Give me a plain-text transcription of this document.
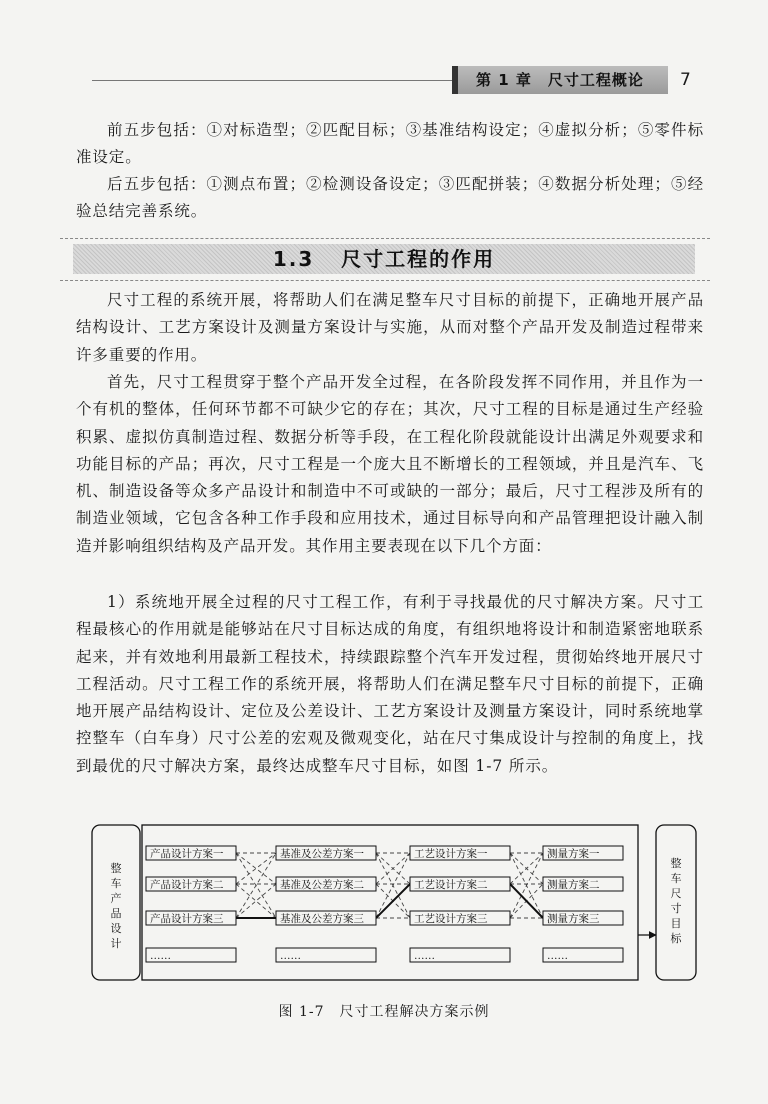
第 1 章　尺寸工程概论	7

前五步包括：①对标造型；②匹配目标；③基准结构设定；④虚拟分析；⑤零件标准设定。

后五步包括：①测点布置；②检测设备设定；③匹配拼装；④数据分析处理；⑤经验总结完善系统。

1.3 尺寸工程的作用

尺寸工程的系统开展，将帮助人们在满足整车尺寸目标的前提下，正确地开展产品结构设计、工艺方案设计及测量方案设计与实施，从而对整个产品开发及制造过程带来许多重要的作用。

首先，尺寸工程贯穿于整个产品开发全过程，在各阶段发挥不同作用，并且作为一个有机的整体，任何环节都不可缺少它的存在；其次，尺寸工程的目标是通过生产经验积累、虚拟仿真制造过程、数据分析等手段，在工程化阶段就能设计出满足外观要求和功能目标的产品；再次，尺寸工程是一个庞大且不断增长的工程领域，并且是汽车、飞机、制造设备等众多产品设计和制造中不可或缺的一部分；最后，尺寸工程涉及所有的制造业领域，它包含各种工作手段和应用技术，通过目标导向和产品管理把设计融入制造并影响组织结构及产品开发。其作用主要表现在以下几个方面：

1）系统地开展全过程的尺寸工程工作，有利于寻找最优的尺寸解决方案。尺寸工程最核心的作用就是能够站在尺寸目标达成的角度，有组织地将设计和制造紧密地联系起来，并有效地利用最新工程技术，持续跟踪整个汽车开发过程，贯彻始终地开展尺寸工程活动。尺寸工程工作的系统开展，将帮助人们在满足整车尺寸目标的前提下，正确地开展产品结构设计、定位及公差设计、工艺方案设计及测量方案设计，同时系统地掌控整车（白车身）尺寸公差的宏观及微观变化，站在尺寸集成设计与控制的角度上，找到最优的尺寸解决方案，最终达成整车尺寸目标，如图 1-7 所示。

整
车
产
品
设
计
整
车
尺
寸
目
标
产品设计方案一
产品设计方案二
产品设计方案三
……
基准及公差方案一
基准及公差方案二
基准及公差方案三
……
工艺设计方案一
工艺设计方案二
工艺设计方案三
……
测量方案一
测量方案二
测量方案三
……
图 1-7　尺寸工程解决方案示例
